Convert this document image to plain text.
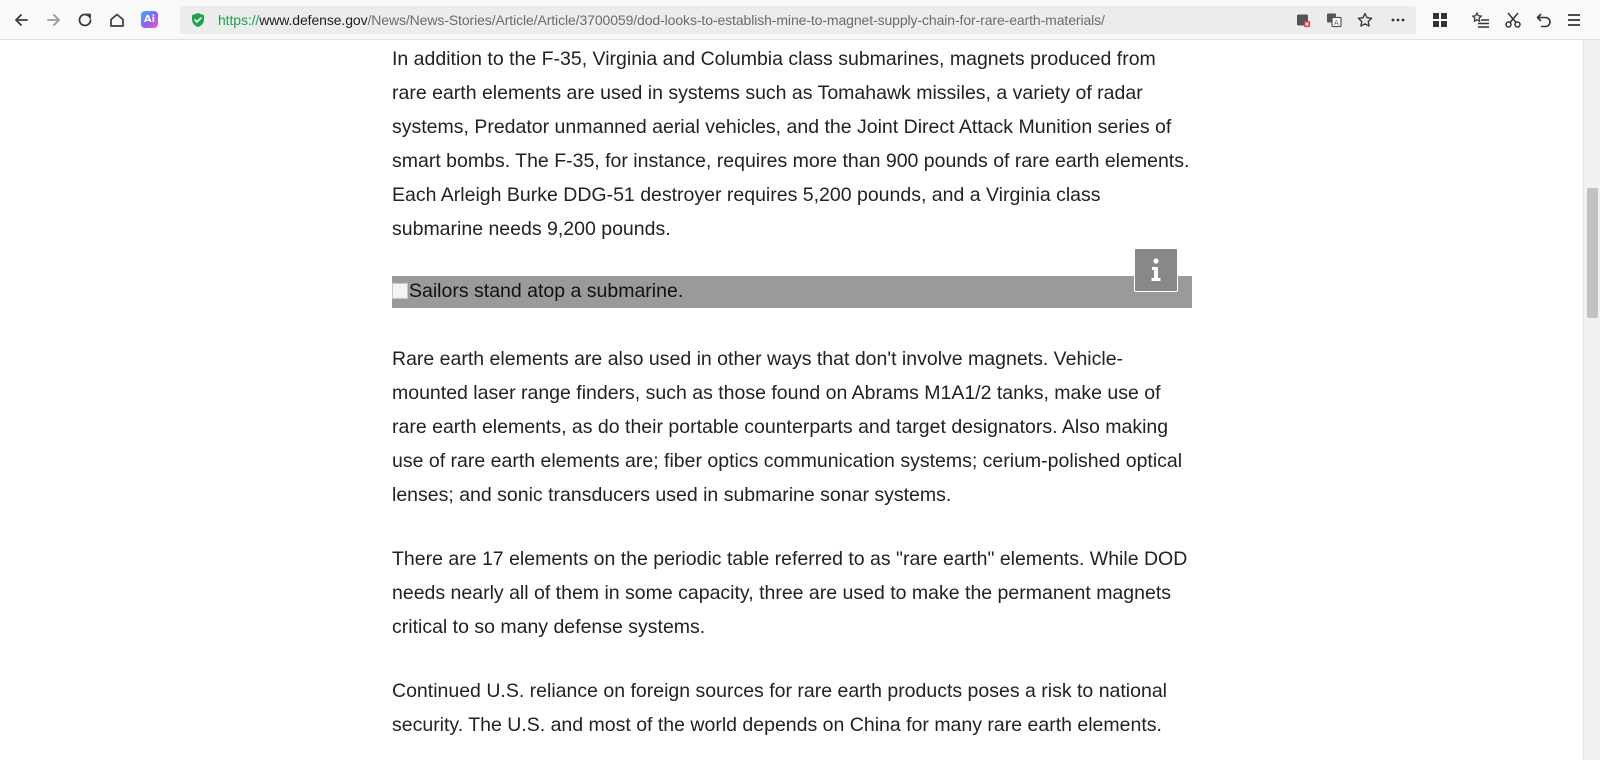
Ai	https://www.defense.gov/News/News-Stories/Article/Article/3700059/dod-looks-to-establish-mine-to-magnet-supply-chain-for-rare-earth-materials/	A

In addition to the F-35, Virginia and Columbia class submarines, magnets produced from rare earth elements are used in systems such as Tomahawk missiles, a variety of radar systems, Predator unmanned aerial vehicles, and the Joint Direct Attack Munition series of smart bombs. The F-35, for instance, requires more than 900 pounds of rare earth elements. Each Arleigh Burke DDG-51 destroyer requires 5,200 pounds, and a Virginia class submarine needs 9,200 pounds.

Sailors stand atop a submarine.

Rare earth elements are also used in other ways that don't involve magnets. Vehicle-mounted laser range finders, such as those found on Abrams M1A1/2 tanks, make use of rare earth elements, as do their portable counterparts and target designators. Also making use of rare earth elements are; fiber optics communication systems; cerium-polished optical lenses; and sonic transducers used in submarine sonar systems.

There are 17 elements on the periodic table referred to as "rare earth" elements. While DOD needs nearly all of them in some capacity, three are used to make the permanent magnets critical to so many defense systems.

Continued U.S. reliance on foreign sources for rare earth products poses a risk to national security. The U.S. and most of the world depends on China for many rare earth elements.
